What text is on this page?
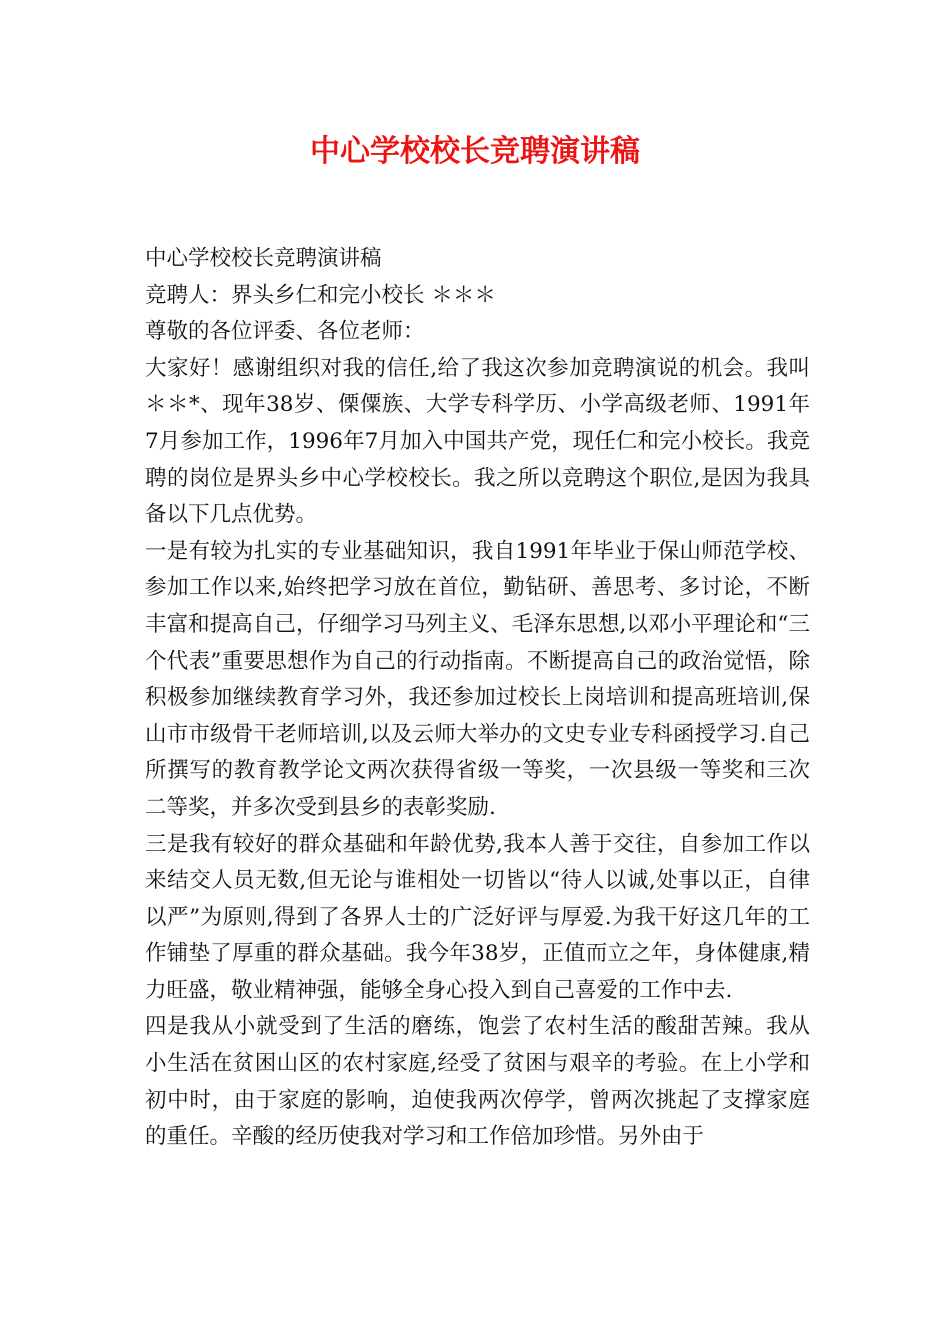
中心学校校长竞聘演讲稿

中心学校校长竞聘演讲稿

竞聘人：界头乡仁和完小校长 ＊＊＊

尊敬的各位评委、各位老师：

大家好！感谢组织对我的信任,给了我这次参加竞聘演说的机会。我叫＊＊*、现年38岁、傈僳族、大学专科学历、小学高级老师、1991年7月参加工作，1996年7月加入中国共产党，现任仁和完小校长。我竞聘的岗位是界头乡中心学校校长。我之所以竞聘这个职位,是因为我具备以下几点优势。

一是有较为扎实的专业基础知识，我自1991年毕业于保山师范学校、参加工作以来,始终把学习放在首位，勤钻研、善思考、多讨论，不断丰富和提高自己，仔细学习马列主义、毛泽东思想,以邓小平理论和“三个代表”重要思想作为自己的行动指南。不断提高自己的政治觉悟，除积极参加继续教育学习外，我还参加过校长上岗培训和提高班培训,保山市市级骨干老师培训,以及云师大举办的文史专业专科函授学习.自己所撰写的教育教学论文两次获得省级一等奖，一次县级一等奖和三次二等奖，并多次受到县乡的表彰奖励.

三是我有较好的群众基础和年龄优势,我本人善于交往，自参加工作以来结交人员无数,但无论与谁相处一切皆以“待人以诚,处事以正，自律以严”为原则,得到了各界人士的广泛好评与厚爱.为我干好这几年的工作铺垫了厚重的群众基础。我今年38岁，正值而立之年，身体健康,精力旺盛，敬业精神强，能够全身心投入到自己喜爱的工作中去.

四是我从小就受到了生活的磨练，饱尝了农村生活的酸甜苦辣。我从小生活在贫困山区的农村家庭,经受了贫困与艰辛的考验。在上小学和初中时，由于家庭的影响，迫使我两次停学，曾两次挑起了支撑家庭的重任。辛酸的经历使我对学习和工作倍加珍惜。另外由于
